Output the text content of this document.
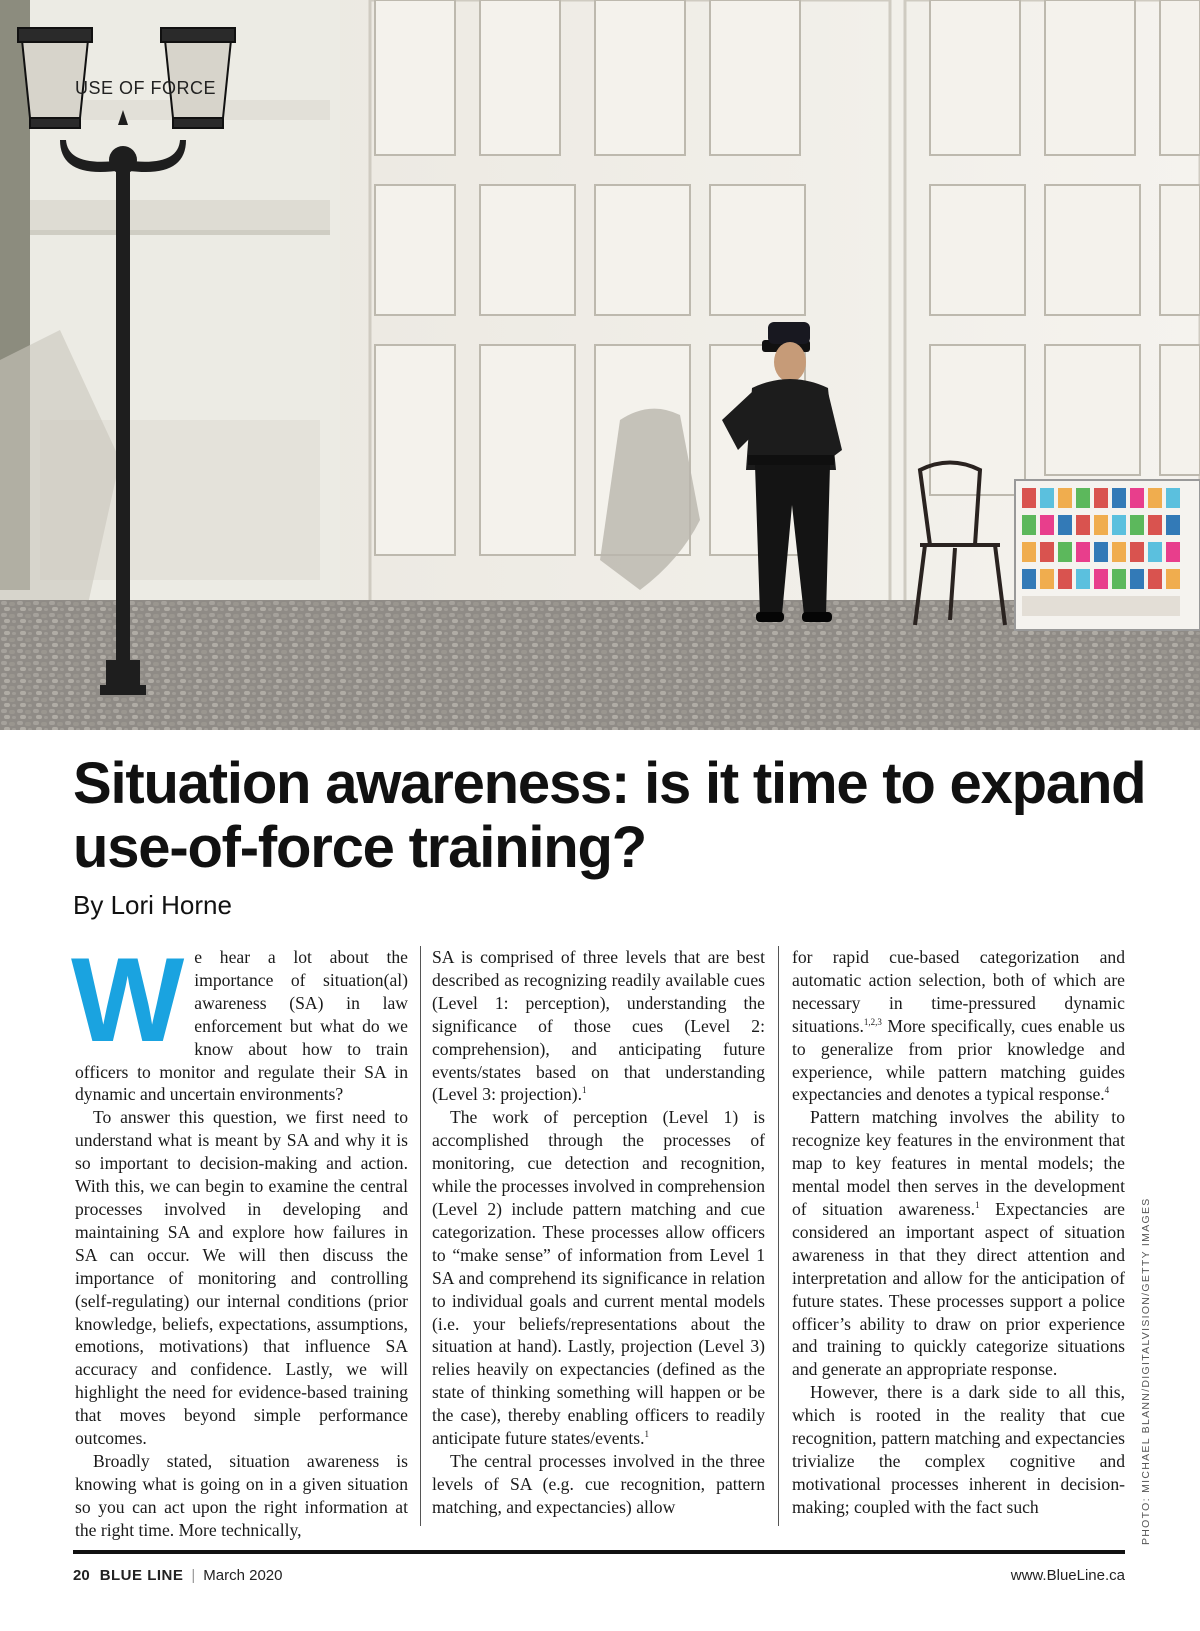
USE OF FORCE
PHOTO: MICHAEL BLANN/DIGITALVISION/GETTY IMAGES
Situation awareness: is it time to expand use-of-force training?
By Lori Horne

We hear a lot about the importance of situation(al) awareness (SA) in law enforcement but what do we know about how to train officers to monitor and regulate their SA in dynamic and uncertain environments?

To answer this question, we first need to understand what is meant by SA and why it is so important to decision-making and action. With this, we can begin to examine the central processes involved in developing and maintaining SA and explore how failures in SA can occur. We will then discuss the importance of monitoring and controlling (self-regulating) our internal conditions (prior knowledge, beliefs, expectations, assumptions, emotions, motivations) that influence SA accuracy and confidence. Lastly, we will highlight the need for evidence-based training that moves beyond simple performance outcomes.

Broadly stated, situation awareness is knowing what is going on in a given situation so you can act upon the right information at the right time. More technically,

SA is comprised of three levels that are best described as recognizing readily available cues (Level 1: perception), understanding the significance of those cues (Level 2: comprehension), and anticipating future events/states based on that understanding (Level 3: projection).$^1$

The work of perception (Level 1) is accomplished through the processes of monitoring, cue detection and recognition, while the processes involved in comprehension (Level 2) include pattern matching and cue categorization. These processes allow officers to “make sense” of information from Level 1 SA and comprehend its significance in relation to individual goals and current mental models (i.e. your beliefs/representations about the situation at hand). Lastly, projection (Level 3) relies heavily on expectancies (defined as the state of thinking something will happen or be the case), thereby enabling officers to readily anticipate future states/events.$^1$

The central processes involved in the three levels of SA (e.g. cue recognition, pattern matching, and expectancies) allow

for rapid cue-based categorization and automatic action selection, both of which are necessary in time-pressured dynamic situations.$^{1,2,3}$ More specifically, cues enable us to generalize from prior knowledge and experience, while pattern matching guides expectancies and denotes a typical response.$^4$

Pattern matching involves the ability to recognize key features in the environment that map to key features in mental models; the mental model then serves in the development of situation awareness.$^1$ Expectancies are considered an important aspect of situation awareness in that they direct attention and interpretation and allow for the anticipation of future states. These processes support a police officer’s ability to draw on prior experience and training to quickly categorize situations and generate an appropriate response.

However, there is a dark side to all this, which is rooted in the reality that cue recognition, pattern matching and expectancies trivialize the complex cognitive and motivational processes inherent in decision-making; coupled with the fact such

20 BLUE LINE | March 2020	www.BlueLine.ca
